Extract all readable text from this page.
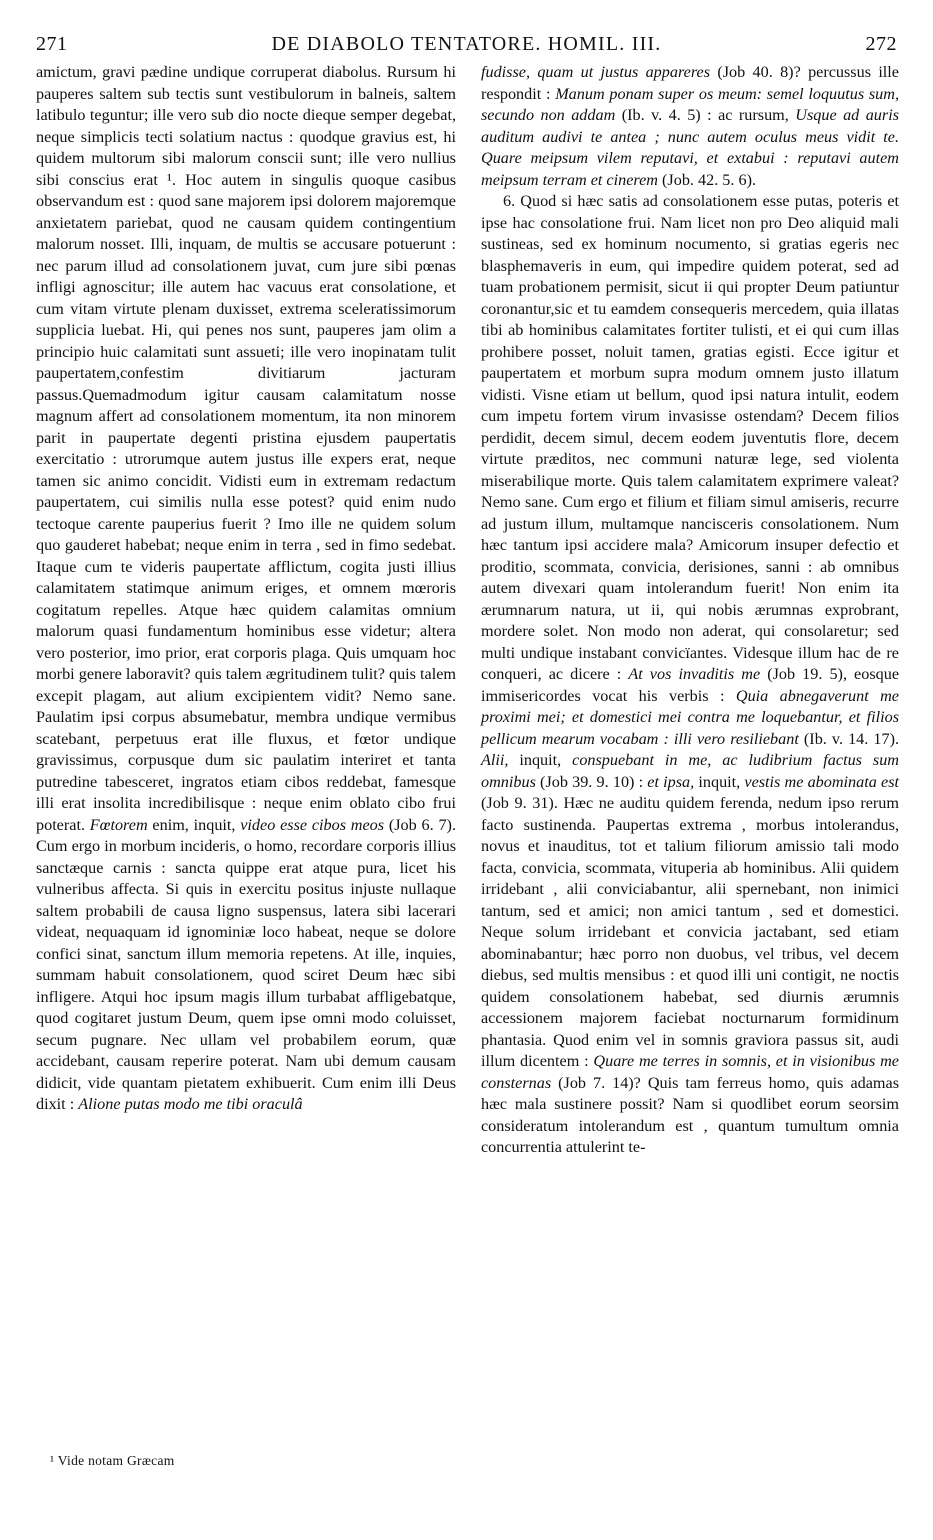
271	DE DIABOLO TENTATORE. HOMIL. III.	272

amictum, gravi pædine undique corruperat diabolus. Rursum hi pauperes saltem sub tectis sunt vestibulorum in balneis, saltem latibulo teguntur; ille vero sub dio nocte dieque semper degebat, neque simplicis tecti solatium nactus : quodque gravius est, hi quidem multorum sibi malorum conscii sunt; ille vero nullius sibi conscius erat ¹. Hoc autem in singulis quoque casibus observandum est : quod sane majorem ipsi dolorem majoremque anxietatem pariebat, quod ne causam quidem contingentium malorum nosset. Illi, inquam, de multis se accusare potuerunt : nec parum illud ad consolationem juvat, cum jure sibi pœnas infligi agnoscitur; ille autem hac vacuus erat consolatione, et cum vitam virtute plenam duxisset, extrema sceleratissimorum supplicia luebat. Hi, qui penes nos sunt, pauperes jam olim a principio huic calamitati sunt assueti; ille vero inopinatam tulit paupertatem,confestim divitiarum jacturam passus.Quemadmodum igitur causam calamitatum nosse magnum affert ad consolationem momentum, ita non minorem parit in paupertate degenti pristina ejusdem paupertatis exercitatio : utrorumque autem justus ille expers erat, neque tamen sic animo concidit. Vidisti eum in extremam redactum paupertatem, cui similis nulla esse potest? quid enim nudo tectoque carente pauperius fuerit ? Imo ille ne quidem solum quo gauderet habebat; neque enim in terra , sed in fimo sedebat. Itaque cum te videris paupertate afflictum, cogita justi illius calamitatem statimque animum eriges, et omnem mœroris cogitatum repelles. Atque hæc quidem calamitas omnium malorum quasi fundamentum hominibus esse videtur; altera vero posterior, imo prior, erat corporis plaga. Quis umquam hoc morbi genere laboravit? quis talem ægritudinem tulit? quis talem excepit plagam, aut alium excipientem vidit? Nemo sane. Paulatim ipsi corpus absumebatur, membra undique vermibus scatebant, perpetuus erat ille fluxus, et fœtor undique gravissimus, corpusque dum sic paulatim interiret et tanta putredine tabesceret, ingratos etiam cibos reddebat, famesque illi erat insolita incredibilisque : neque enim oblato cibo frui poterat. Fœtorem enim, inquit, video esse cibos meos (Job 6. 7). Cum ergo in morbum incideris, o homo, recordare corporis illius sanctæque carnis : sancta quippe erat atque pura, licet his vulneribus affecta. Si quis in exercitu positus injuste nullaque saltem probabili de causa ligno suspensus, latera sibi lacerari videat, nequaquam id ignominiæ loco habeat, neque se dolore confici sinat, sanctum illum memoria repetens. At ille, inquies, summam habuit consolationem, quod sciret Deum hæc sibi infligere. Atqui hoc ipsum magis illum turbabat affligebatque, quod cogitaret justum Deum, quem ipse omni modo coluisset, secum pugnare. Nec ullam vel probabilem eorum, quæ accidebant, causam reperire poterat. Nam ubi demum causam didicit, vide quantam pietatem exhibuerit. Cum enim illi Deus dixit : Alione putas modo me tibi oraculâ

fudisse, quam ut justus appareres (Job 40. 8)? percussus ille respondit : Manum ponam super os meum: semel loquutus sum, secundo non addam (Ib. v. 4. 5) : ac rursum, Usque ad auris auditum audivi te antea ; nunc autem oculus meus vidit te. Quare meipsum vilem reputavi, et extabui : reputavi autem meipsum terram et cinerem (Job. 42. 5. 6).

6. Quod si hæc satis ad consolationem esse putas, poteris et ipse hac consolatione frui. Nam licet non pro Deo aliquid mali sustineas, sed ex hominum nocumento, si gratias egeris nec blasphemaveris in eum, qui impedire quidem poterat, sed ad tuam probationem permisit, sicut ii qui propter Deum patiuntur coronantur,sic et tu eamdem consequeris mercedem, quia illatas tibi ab hominibus calamitates fortiter tulisti, et ei qui cum illas prohibere posset, noluit tamen, gratias egisti. Ecce igitur et paupertatem et morbum supra modum omnem justo illatum vidisti. Visne etiam ut bellum, quod ipsi natura intulit, eodem cum impetu fortem virum invasisse ostendam? Decem filios perdidit, decem simul, decem eodem juventutis flore, decem virtute præditos, nec communi naturæ lege, sed violenta miserabilique morte. Quis talem calamitatem exprimere valeat? Nemo sane. Cum ergo et filium et filiam simul amiseris, recurre ad justum illum, multamque nancisceris consolationem. Num hæc tantum ipsi accidere mala? Amicorum insuper defectio et proditio, scommata, convicia, derisiones, sanni : ab omnibus autem divexari quam intolerandum fuerit! Non enim ita ærumnarum natura, ut ii, qui nobis ærumnas exprobrant, mordere solet. Non modo non aderat, qui consolaretur; sed multi undique instabant convicïantes. Videsque illum hac de re conqueri, ac dicere : At vos invaditis me (Job 19. 5), eosque immisericordes vocat his verbis : Quia abnegaverunt me proximi mei; et domestici mei contra me loquebantur, et filios pellicum mearum vocabam : illi vero resiliebant (Ib. v. 14. 17). Alii, inquit, conspuebant in me, ac ludibrium factus sum omnibus (Job 39. 9. 10) : et ipsa, inquit, vestis me abominata est (Job 9. 31). Hæc ne auditu quidem ferenda, nedum ipso rerum facto sustinenda. Paupertas extrema , morbus intolerandus, novus et inauditus, tot et talium filiorum amissio tali modo facta, convicia, scommata, vituperia ab hominibus. Alii quidem irridebant , alii conviciabantur, alii spernebant, non inimici tantum, sed et amici; non amici tantum , sed et domestici. Neque solum irridebant et convicia jactabant, sed etiam abominabantur; hæc porro non duobus, vel tribus, vel decem diebus, sed multis mensibus : et quod illi uni contigit, ne noctis quidem consolationem habebat, sed diurnis ærumnis accessionem majorem faciebat nocturnarum formidinum phantasia. Quod enim vel in somnis graviora passus sit, audi illum dicentem : Quare me terres in somnis, et in visionibus me consternas (Job 7. 14)? Quis tam ferreus homo, quis adamas hæc mala sustinere possit? Nam si quodlibet eorum seorsim consideratum intolerandum est , quantum tumultum omnia concurrentia attulerint te-

¹ Vide notam Græcam
